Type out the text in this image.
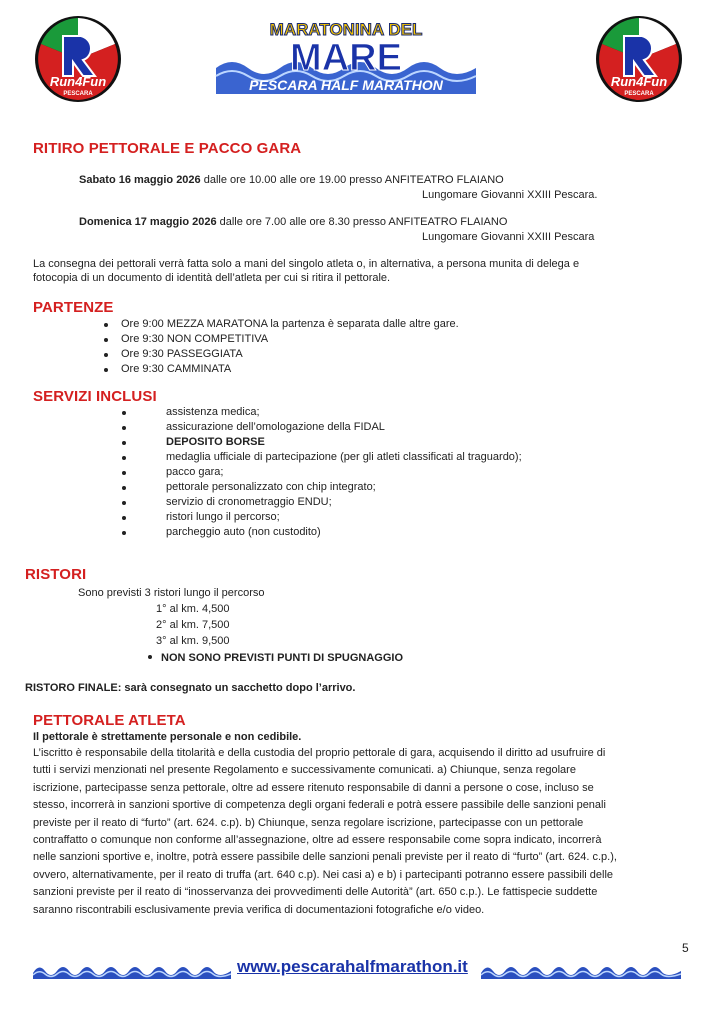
Run4Fun
PESCARA
MARATONINA DEL
MARE
PESCARA HALF MARATHON	Run4Fun
PESCARA
RITIRO PETTORALE E PACCO GARA

Sabato 16 maggio 2026 dalle ore 10.00 alle ore 19.00 presso ANFITEATRO FLAIANO

Lungomare Giovanni XXIII Pescara.

Domenica 17 maggio 2026 dalle ore 7.00 alle ore 8.30 presso ANFITEATRO FLAIANO

Lungomare Giovanni XXIII Pescara

La consegna dei pettorali verrà fatta solo a mani del singolo atleta o, in alternativa, a persona munita di delega e

fotocopia di un documento di identità dell’atleta per cui si ritira il pettorale.

PARTENZE
Ore 9:00 MEZZA MARATONA la partenza è separata dalle altre gare.
Ore 9:30 NON COMPETITIVA
Ore 9:30 PASSEGGIATA
Ore 9:30 CAMMINATA
SERVIZI INCLUSI
assistenza medica;
assicurazione dell’omologazione della FIDAL
DEPOSITO BORSE
medaglia ufficiale di partecipazione (per gli atleti classificati al traguardo);
pacco gara;
pettorale personalizzato con chip integrato;
servizio di cronometraggio ENDU;
ristori lungo il percorso;
parcheggio auto (non custodito)
RISTORI

Sono previsti 3 ristori lungo il percorso

1° al km. 4,500

2° al km. 7,500

3° al km. 9,500

NON SONO PREVISTI PUNTI DI SPUGNAGGIO

RISTORO FINALE: sarà consegnato un sacchetto dopo l’arrivo.

PETTORALE ATLETA

Il pettorale è strettamente personale e non cedibile.

L’iscritto è responsabile della titolarità e della custodia del proprio pettorale di gara, acquisendo il diritto ad usufruire di
tutti i servizi menzionati nel presente Regolamento e successivamente comunicati. a) Chiunque, senza regolare
iscrizione, partecipasse senza pettorale, oltre ad essere ritenuto responsabile di danni a persone o cose, incluso se
stesso, incorrerà in sanzioni sportive di competenza degli organi federali e potrà essere passibile delle sanzioni penali
previste per il reato di “furto” (art. 624. c.p). b) Chiunque, senza regolare iscrizione, partecipasse con un pettorale
contraffatto o comunque non conforme all’assegnazione, oltre ad essere responsabile come sopra indicato, incorrerà
nelle sanzioni sportive e, inoltre, potrà essere passibile delle sanzioni penali previste per il reato di “furto” (art. 624. c.p.),
ovvero, alternativamente, per il reato di truffa (art. 640 c.p). Nei casi a) e b) i partecipanti potranno essere passibili delle
sanzioni previste per il reato di “inosservanza dei provvedimenti delle Autorità” (art. 650 c.p.). Le fattispecie suddette
saranno riscontrabili esclusivamente previa verifica di documentazioni fotografiche e/o video.
5
www.pescarahalfmarathon.it
